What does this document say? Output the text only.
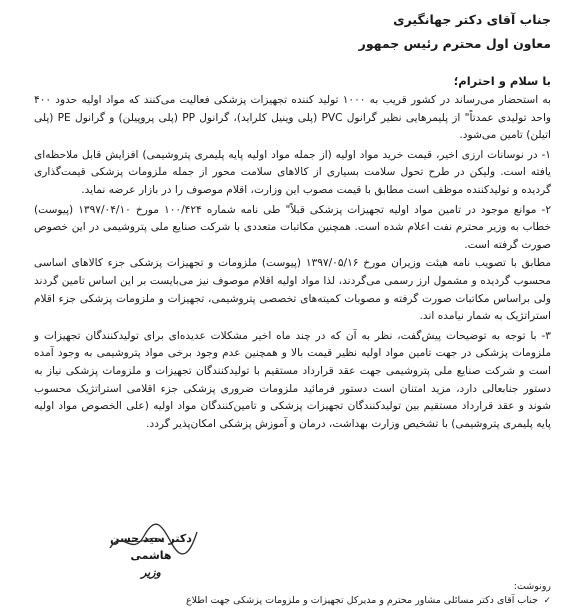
جناب آقای دکتر جهانگیری
معاون اول محترم رئیس جمهور
با سلام و احترام؛

به استحضار می‌رساند در کشور قریب به ۱۰۰۰ تولید کننده تجهیزات پزشکی فعالیت می‌کنند که مواد اولیه حدود ۴۰۰ واحد تولیدی عمدتاً" از پلیمرهایی نظیر گرانول PVC (پلی وینیل کلراید)، گرانول PP (پلی پروپیلن) و گرانول PE (پلی اتیلن) تامین می‌شود.

۱- در نوسانات ارزی اخیر، قیمت خرید مواد اولیه (از جمله مواد اولیه پایه پلیمری پتروشیمی) افزایش قابل ملاحظه‌ای یافته است. ولیکن در طرح تحول سلامت بسیاری از کالاهای سلامت محور از جمله ملزومات پزشکی قیمت‌گذاری گردیده و تولیدکننده موظف است مطابق با قیمت مصوب این وزارت، اقلام موصوف را در بازار عرضه نماید.

۲- موانع موجود در تامین مواد اولیه تجهیزات پزشکی قبلاً" طی نامه شماره ۱۰۰/۴۲۴ مورخ ۱۳۹۷/۰۴/۱۰ (پیوست) خطاب به وزیر محترم نفت اعلام شده است. همچنین مکاتبات متعددی با شرکت صنایع ملی پتروشیمی در این خصوص صورت گرفته است.

مطابق با تصویب نامه هیئت وزیران مورخ ۱۳۹۷/۰۵/۱۶ (پیوست) ملزومات و تجهیزات پزشکی جزء کالاهای اساسی محسوب گردیده و مشمول ارز رسمی می‌گردند، لذا مواد اولیه اقلام موصوف نیز می‌بایست بر این اساس تامین گردند ولی براساس مکاتبات صورت گرفته و مصوبات کمیته‌های تخصصی پتروشیمی، تجهیزات و ملزومات پزشکی جزء اقلام استراتژیک به شمار نیامده اند.

۳- با توجه به توضیحات پیش‌گفت، نظر به آن که در چند ماه اخیر مشکلات عدیده‌ای برای تولیدکنندگان تجهیزات و ملزومات پزشکی در جهت تامین مواد اولیه نظیر قیمت بالا و همچنین عدم وجود برخی مواد پتروشیمی به وجود آمده است و شرکت صنایع ملی پتروشیمی جهت عقد قرارداد مستقیم با تولیدکنندگان تجهیزات و ملزومات پزشکی نیاز به دستور جنابعالی دارد، مزید امتنان است دستور فرمائید ملزومات ضروری پزشکی جزء اقلامی استراتژیک محسوب شوند و عقد قرارداد مستقیم بین تولیدکنندگان تجهیزات پزشکی و تامین‌کنندگان مواد اولیه (علی الخصوص مواد اولیه پایه پلیمری پتروشیمی) با تشخیص وزارت بهداشت، درمان و آموزش پزشکی امکان‌پذیر گردد.

دکتر سید حسن هاشمی
وزیر
رونوشت:
✓
جناب آقای دکتر مسائلی مشاور محترم و مدیرکل تجهیزات و ملزومات پزشکی جهت اطلاع
